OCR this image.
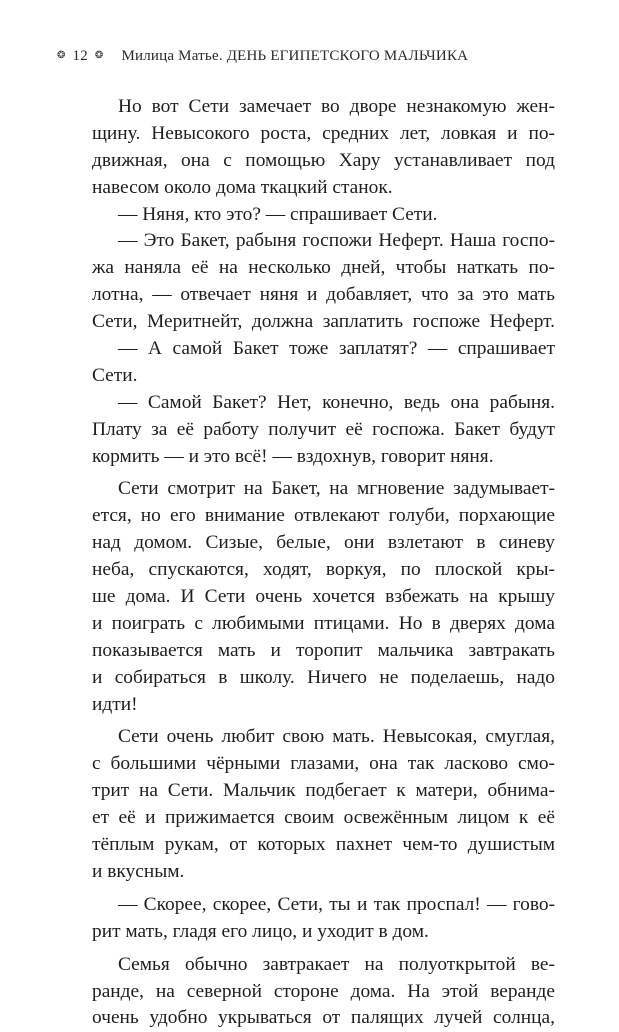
❂ 12 ❂ Милица Матье. ДЕНЬ ЕГИПЕТСКОГО МАЛЬЧИКА
Но вот Сети замечает во дворе незнакомую жен-
щину. Невысокого роста, средних лет, ловкая и по-
движная, она с помощью Хару устанавливает под
навесом около дома ткацкий станок.
— Няня, кто это? — спрашивает Сети.
— Это Бакет, рабыня госпожи Неферт. Наша госпо-
жа наняла её на несколько дней, чтобы наткать по-
лотна, — отвечает няня и добавляет, что за это мать
Сети, Меритнейт, должна заплатить госпоже Неферт.
— А самой Бакет тоже заплатят? — спрашивает
Сети.
— Самой Бакет? Нет, конечно, ведь она рабыня.
Плату за её работу получит её госпожа. Бакет будут
кормить — и это всё! — вздохнув, говорит няня.
Сети смотрит на Бакет, на мгновение задумывает-
ется, но его внимание отвлекают голуби, порхающие
над домом. Сизые, белые, они взлетают в синеву
неба, спускаются, ходят, воркуя, по плоской кры-
ше дома. И Сети очень хочется взбежать на крышу
и поиграть с любимыми птицами. Но в дверях дома
показывается мать и торопит мальчика завтракать
и собираться в школу. Ничего не поделаешь, надо
идти!
Сети очень любит свою мать. Невысокая, смуглая,
с большими чёрными глазами, она так ласково смо-
трит на Сети. Мальчик подбегает к матери, обнима-
ет её и прижимается своим освежённым лицом к её
тёплым рукам, от которых пахнет чем-то душистым
и вкусным.
— Скорее, скорее, Сети, ты и так проспал! — гово-
рит мать, гладя его лицо, и уходит в дом.
Семья обычно завтракает на полуоткрытой ве-
ранде, на северной стороне дома. На этой веранде
очень удобно укрываться от палящих лучей солнца,
